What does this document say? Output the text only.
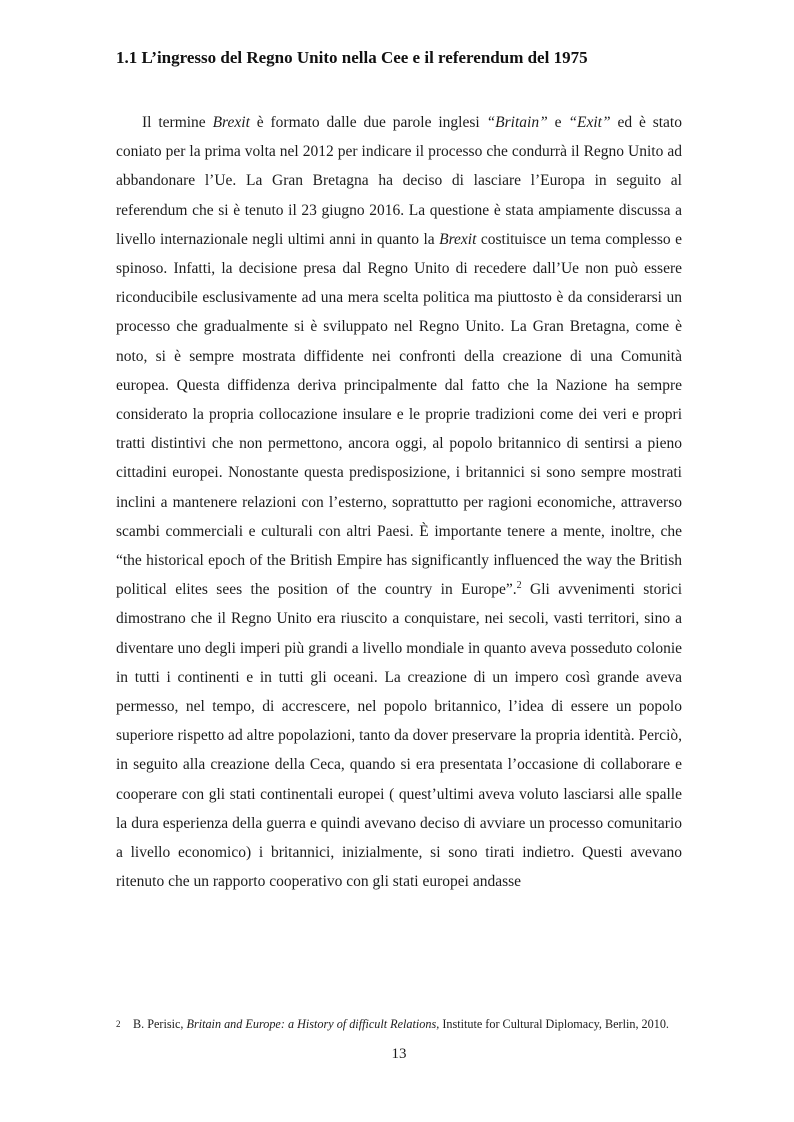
1.1 L’ingresso del Regno Unito nella Cee e il referendum del 1975

Il termine Brexit è formato dalle due parole inglesi “Britain” e “Exit” ed è stato coniato per la prima volta nel 2012 per indicare il processo che condurrà il Regno Unito ad abbandonare l’Ue. La Gran Bretagna ha deciso di lasciare l’Europa in seguito al referendum che si è tenuto il 23 giugno 2016. La questione è stata ampiamente discussa a livello internazionale negli ultimi anni in quanto la Brexit costituisce un tema complesso e spinoso. Infatti, la decisione presa dal Regno Unito di recedere dall’Ue non può essere riconducibile esclusivamente ad una mera scelta politica ma piuttosto è da considerarsi un processo che gradualmente si è sviluppato nel Regno Unito. La Gran Bretagna, come è noto, si è sempre mostrata diffidente nei confronti della creazione di una Comunità europea. Questa diffidenza deriva principalmente dal fatto che la Nazione ha sempre considerato la propria collocazione insulare e le proprie tradizioni come dei veri e propri tratti distintivi che non permettono, ancora oggi, al popolo britannico di sentirsi a pieno cittadini europei. Nonostante questa predisposizione, i britannici si sono sempre mostrati inclini a mantenere relazioni con l’esterno, soprattutto per ragioni economiche, attraverso scambi commerciali e culturali con altri Paesi. È importante tenere a mente, inoltre, che “the historical epoch of the British Empire has significantly influenced the way the British political elites sees the position of the country in Europe”.$^2$ Gli avvenimenti storici dimostrano che il Regno Unito era riuscito a conquistare, nei secoli, vasti territori, sino a diventare uno degli imperi più grandi a livello mondiale in quanto aveva posseduto colonie in tutti i continenti e in tutti gli oceani. La creazione di un impero così grande aveva permesso, nel tempo, di accrescere, nel popolo britannico, l’idea di essere un popolo superiore rispetto ad altre popolazioni, tanto da dover preservare la propria identità. Perciò, in seguito alla creazione della Ceca, quando si era presentata l’occasione di collaborare e cooperare con gli stati continentali europei ( quest’ultimi aveva voluto lasciarsi alle spalle la dura esperienza della guerra e quindi avevano deciso di avviare un processo comunitario a livello economico) i britannici, inizialmente, si sono tirati indietro. Questi avevano ritenuto che un rapporto cooperativo con gli stati europei andasse

2 B. Perisic, Britain and Europe: a History of difficult Relations, Institute for Cultural Diplomacy, Berlin, 2010.
13
